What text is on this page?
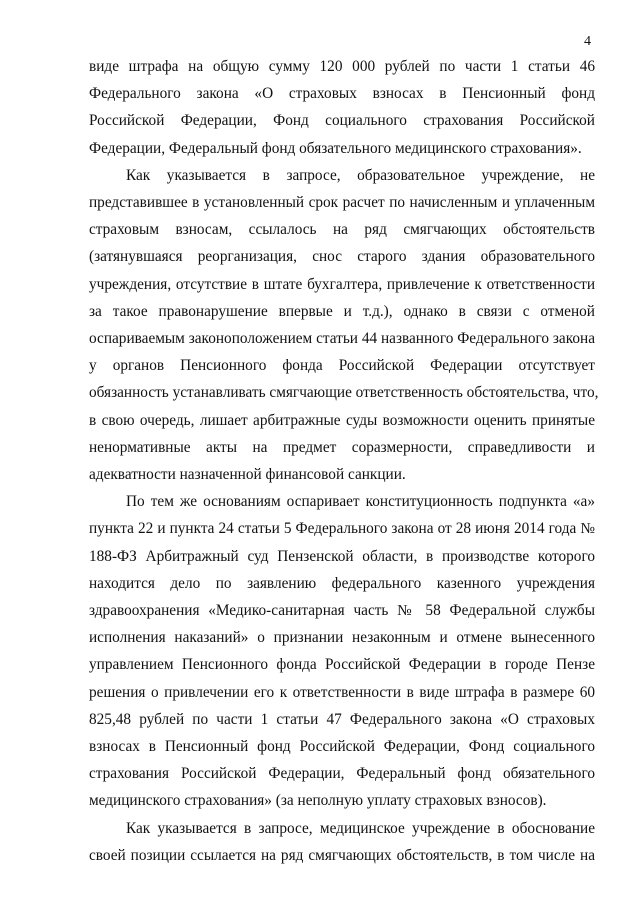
4

виде штрафа на общую сумму 120 000 рублей по части 1 статьи 46
Федерального закона «О страховых взносах в Пенсионный фонд
Российской Федерации, Фонд социального страхования Российской
Федерации, Федеральный фонд обязательного медицинского страхования».

Как указывается в запросе, образовательное учреждение, не
представившее в установленный срок расчет по начисленным и уплаченным
страховым взносам, ссылалось на ряд смягчающих обстоятельств
(затянувшаяся реорганизация, снос старого здания образовательного
учреждения, отсутствие в штате бухгалтера, привлечение к ответственности
за такое правонарушение впервые и т.д.), однако в связи с отменой
оспариваемым законоположением статьи 44 названного Федерального закона
у органов Пенсионного фонда Российской Федерации отсутствует
обязанность устанавливать смягчающие ответственность обстоятельства, что,
в свою очередь, лишает арбитражные суды возможности оценить принятые
ненормативные акты на предмет соразмерности, справедливости и
адекватности назначенной финансовой санкции.

По тем же основаниям оспаривает конституционность подпункта «а»
пункта 22 и пункта 24 статьи 5 Федерального закона от 28 июня 2014 года №
188-ФЗ Арбитражный суд Пензенской области, в производстве которого
находится дело по заявлению федерального казенного учреждения
здравоохранения «Медико-санитарная часть № 58 Федеральной службы
исполнения наказаний» о признании незаконным и отмене вынесенного
управлением Пенсионного фонда Российской Федерации в городе Пензе
решения о привлечении его к ответственности в виде штрафа в размере 60
825,48 рублей по части 1 статьи 47 Федерального закона «О страховых
взносах в Пенсионный фонд Российской Федерации, Фонд социального
страхования Российской Федерации, Федеральный фонд обязательного
медицинского страхования» (за неполную уплату страховых взносов).

Как указывается в запросе, медицинское учреждение в обоснование
своей позиции ссылается на ряд смягчающих обстоятельств, в том числе на
